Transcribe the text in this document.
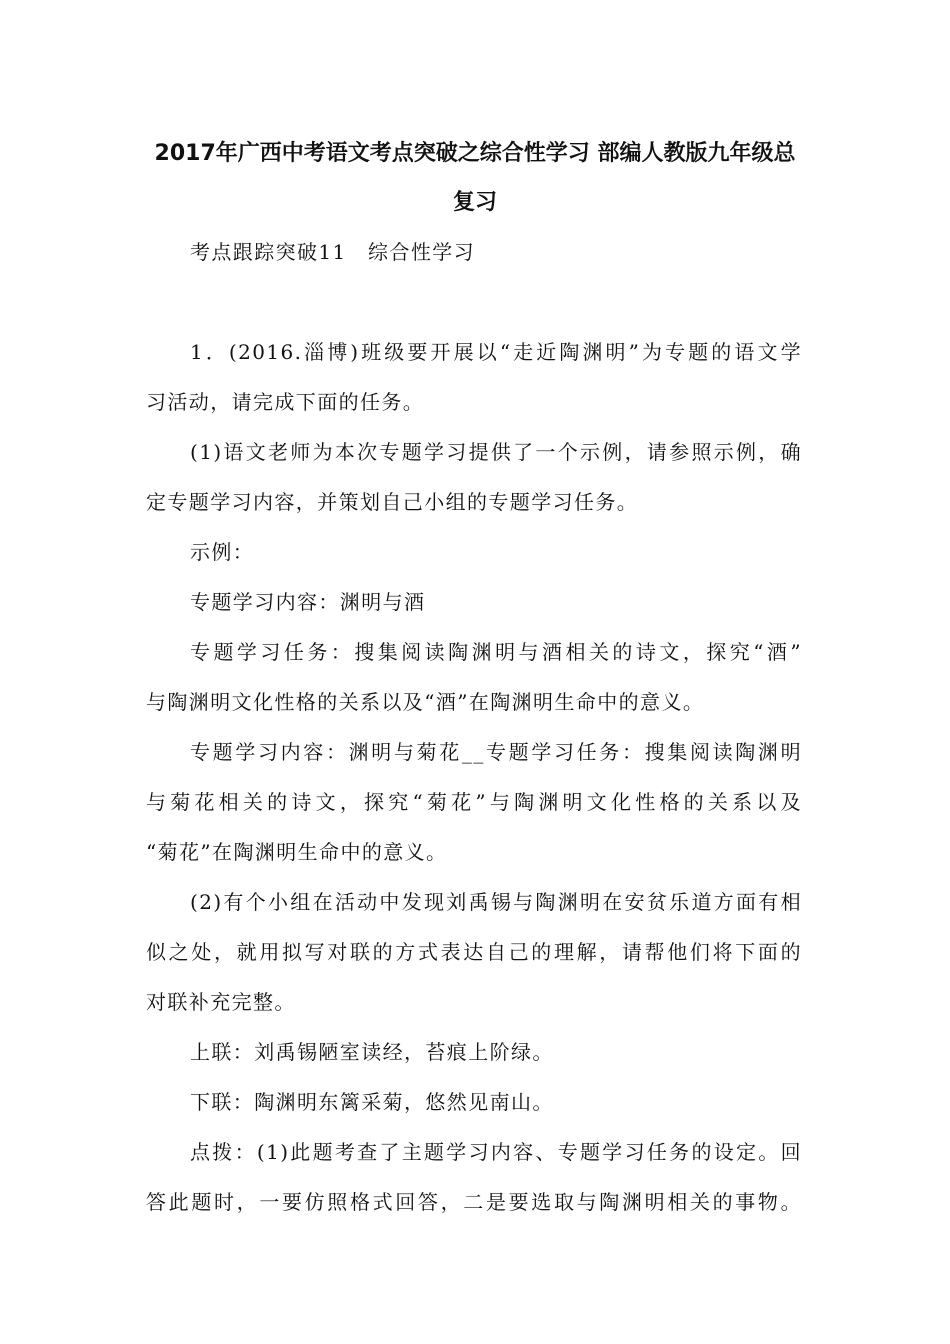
2017年广西中考语文考点突破之综合性学习 部编人教版九年级总
复习
考点跟踪突破11　综合性学习
1．(2016.淄博)班级要开展以“走近陶渊明”为专题的语文学
习活动，请完成下面的任务。
(1)语文老师为本次专题学习提供了一个示例，请参照示例，确
定专题学习内容，并策划自己小组的专题学习任务。
示例：
专题学习内容：渊明与酒
专题学习任务：搜集阅读陶渊明与酒相关的诗文，探究“酒”
与陶渊明文化性格的关系以及“酒”在陶渊明生命中的意义。
专题学习内容：渊明与菊花__专题学习任务：搜集阅读陶渊明
与菊花相关的诗文，探究“菊花”与陶渊明文化性格的关系以及
“菊花”在陶渊明生命中的意义。
(2)有个小组在活动中发现刘禹锡与陶渊明在安贫乐道方面有相
似之处，就用拟写对联的方式表达自己的理解，请帮他们将下面的
对联补充完整。
上联：刘禹锡陋室读经，苔痕上阶绿。
下联：陶渊明东篱采菊，悠然见南山。
点拨：(1)此题考查了主题学习内容、专题学习任务的设定。回
答此题时，一要仿照格式回答，二是要选取与陶渊明相关的事物。
